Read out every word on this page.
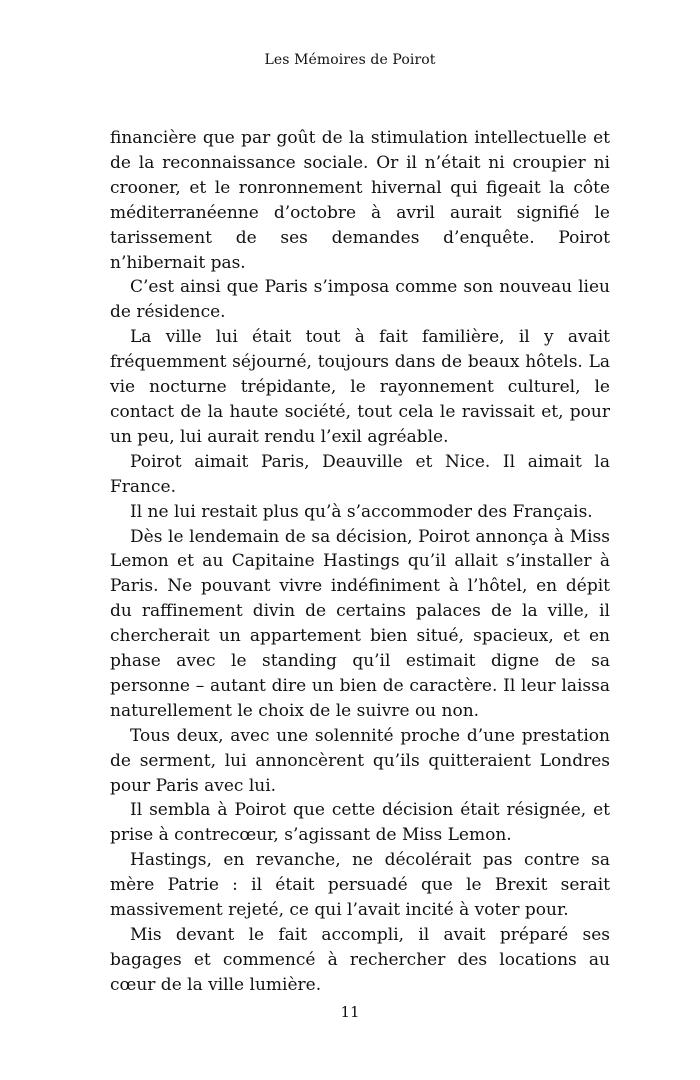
Les Mémoires de Poirot

financière que par goût de la stimulation intellectuelle et de la reconnaissance sociale. Or il n’était ni croupier ni crooner, et le ronronnement hivernal qui figeait la côte méditerranéenne d’octobre à avril aurait signifié le tarissement de ses demandes d’enquête. Poirot n’hibernait pas.

C’est ainsi que Paris s’imposa comme son nouveau lieu de résidence.

La ville lui était tout à fait familière, il y avait fréquemment séjourné, toujours dans de beaux hôtels. La vie nocturne trépidante, le rayonnement culturel, le contact de la haute société, tout cela le ravissait et, pour un peu, lui aurait rendu l’exil agréable.

Poirot aimait Paris, Deauville et Nice. Il aimait la France.

Il ne lui restait plus qu’à s’accommoder des Français.

Dès le lendemain de sa décision, Poirot annonça à Miss Lemon et au Capitaine Hastings qu’il allait s’installer à Paris. Ne pouvant vivre indéfiniment à l’hôtel, en dépit du raffinement divin de certains palaces de la ville, il chercherait un appartement bien situé, spacieux, et en phase avec le standing qu’il estimait digne de sa personne – autant dire un bien de caractère. Il leur laissa naturellement le choix de le suivre ou non.

Tous deux, avec une solennité proche d’une prestation de serment, lui annoncèrent qu’ils quitteraient Londres pour Paris avec lui.

Il sembla à Poirot que cette décision était résignée, et prise à contrecœur, s’agissant de Miss Lemon.

Hastings, en revanche, ne décolérait pas contre sa mère Patrie : il était persuadé que le Brexit serait massivement rejeté, ce qui l’avait incité à voter pour.

Mis devant le fait accompli, il avait préparé ses bagages et commencé à rechercher des locations au cœur de la ville lumière.

11
